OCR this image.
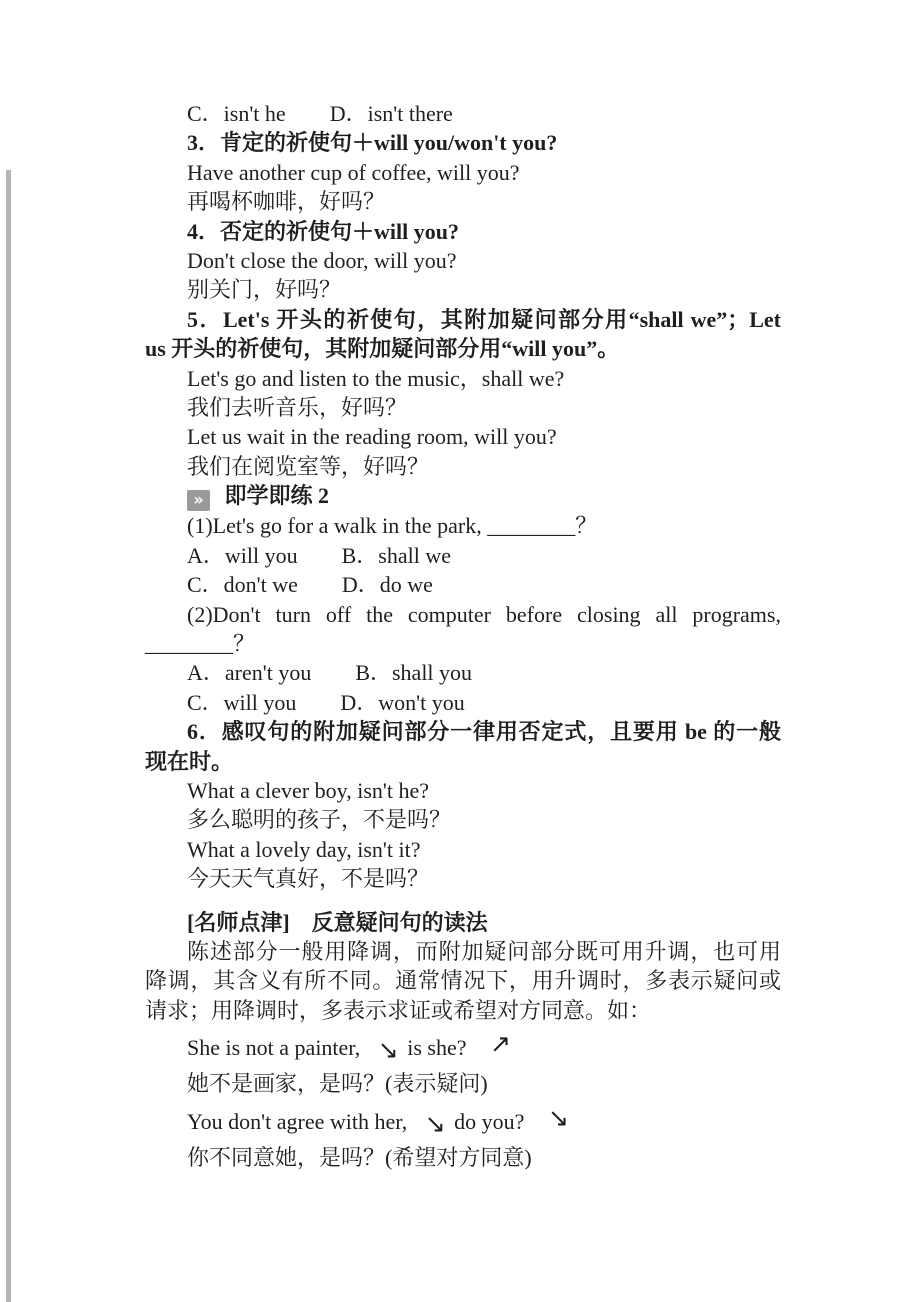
C．isn't he　　D．isn't there
3．肯定的祈使句＋will you/won't you?
Have another cup of coffee, will you?
再喝杯咖啡，好吗？
4．否定的祈使句＋will you?
Don't close the door, will you?
别关门，好吗？
5．Let's 开头的祈使句，其附加疑问部分用“shall we”；Let
us 开头的祈使句，其附加疑问部分用“will you”。
Let's go and listen to the music，shall we?
我们去听音乐，好吗？
Let us wait in the reading room, will you?
我们在阅览室等，好吗？
» 即学即练 2
(1)Let's go for a walk in the park, ________？
A．will you　　B．shall we
C．don't we　　D．do we
(2)Don't turn off the computer before closing all programs,
________？
A．aren't you　　B．shall you
C．will you　　D．won't you
6．感叹句的附加疑问部分一律用否定式，且要用 be 的一般
现在时。
What a clever boy, isn't he?
多么聪明的孩子，不是吗？
What a lovely day, isn't it?
今天天气真好，不是吗？
[名师点津]　反意疑问句的读法
陈述部分一般用降调，而附加疑问部分既可用升调，也可用
降调，其含义有所不同。通常情况下，用升调时，多表示疑问或
请求；用降调时，多表示求证或希望对方同意。如：
She is not a painter, ↘ is she? ↗
她不是画家，是吗？(表示疑问)
You don't agree with her, ↘ do you? ↘
你不同意她，是吗？(希望对方同意)
